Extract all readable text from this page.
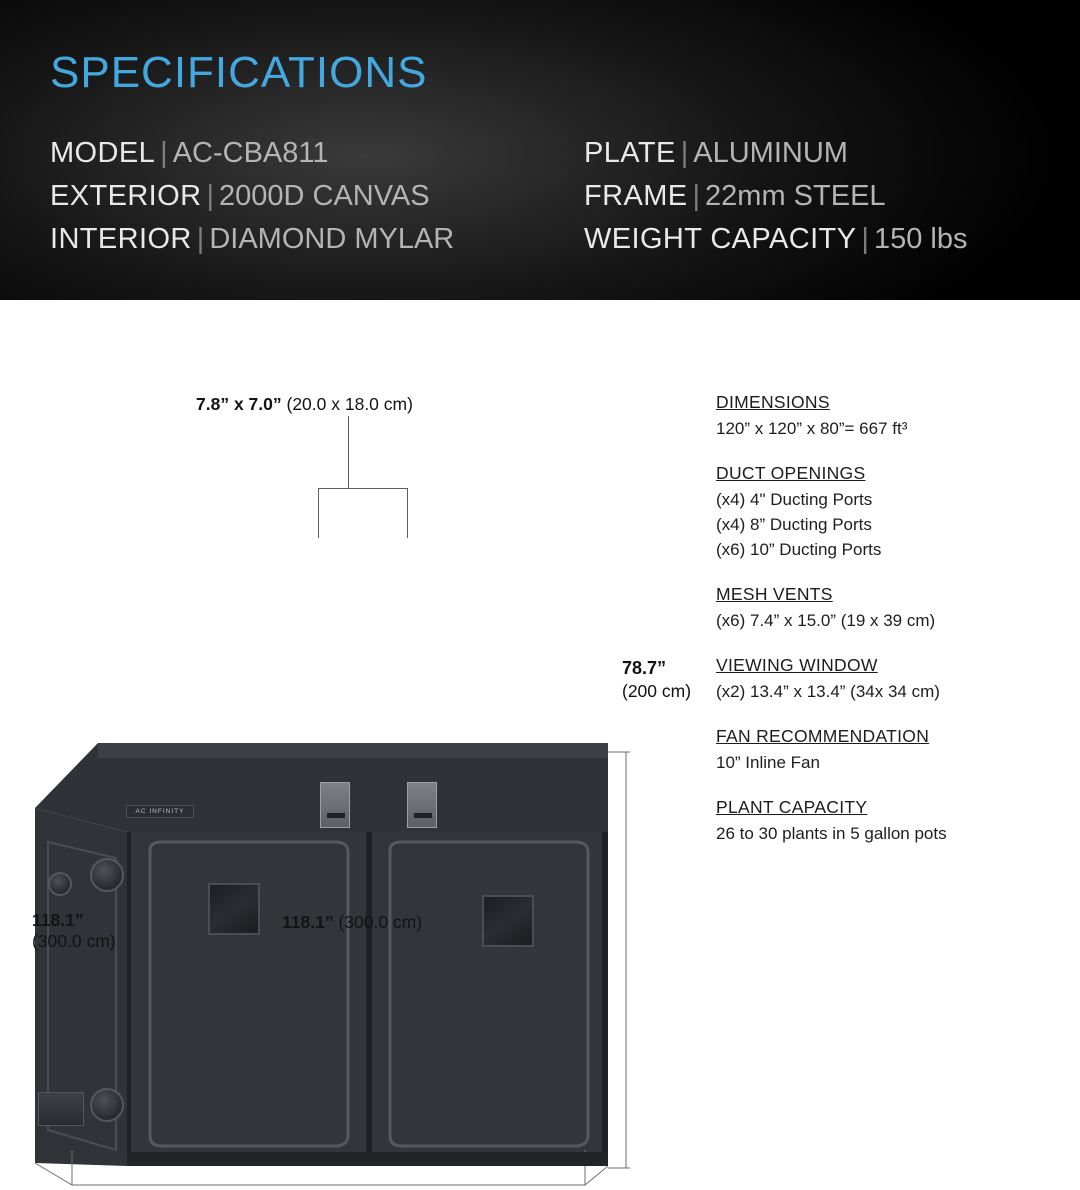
SPECIFICATIONS
MODEL | AC-CBA811
EXTERIOR | 2000D CANVAS
INTERIOR | DIAMOND MYLAR
PLATE | ALUMINUM
FRAME | 22mm STEEL
WEIGHT CAPACITY | 150 lbs
7.8” x 7.0” (20.0 x 18.0 cm)
AC INFINITY
78.7”
(200 cm)
118.1” (300.0 cm)
118.1”
(300.0 cm)
DIMENSIONS
120” x 120” x 80”= 667 ft³
DUCT OPENINGS
(x4) 4" Ducting Ports
(x4) 8” Ducting Ports
(x6) 10” Ducting Ports
MESH VENTS
(x6) 7.4” x 15.0” (19 x 39 cm)
VIEWING WINDOW
(x2) 13.4” x 13.4” (34x 34 cm)
FAN RECOMMENDATION
10” Inline Fan
PLANT CAPACITY
26 to 30 plants in 5 gallon pots
